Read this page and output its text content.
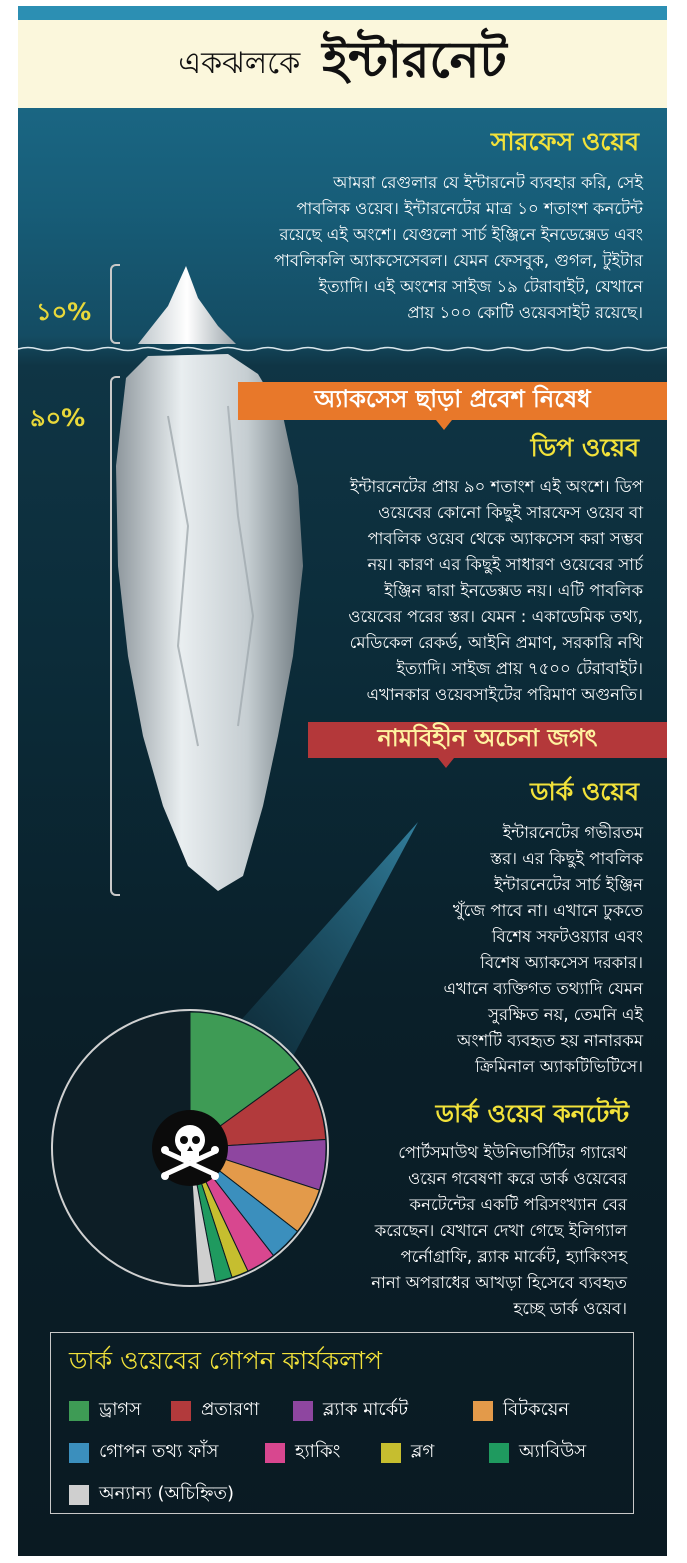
একঝলকে ইন্টারনেট
১০%
৯০%
সারফেস ওয়েব
আমরা রেগুলার যে ইন্টারনেট ব্যবহার করি, সেই
পাবলিক ওয়েব। ইন্টারনেটের মাত্র ১০ শতাংশ কনটেন্ট
রয়েছে এই অংশে। যেগুলো সার্চ ইঞ্জিনে ইনডেক্সেড এবং
পাবলিকলি অ্যাকসেসেবল। যেমন ফেসবুক, গুগল, টুইটার
ইত্যাদি। এই অংশের সাইজ ১৯ টেরাবাইট, যেখানে
প্রায় ১০০ কোটি ওয়েবসাইট রয়েছে।
অ্যাকসেস ছাড়া প্রবেশ নিষেধ
ডিপ ওয়েব
ইন্টারনেটের প্রায় ৯০ শতাংশ এই অংশে। ডিপ
ওয়েবের কোনো কিছুই সারফেস ওয়েব বা
পাবলিক ওয়েব থেকে অ্যাকসেস করা সম্ভব
নয়। কারণ এর কিছুই সাধারণ ওয়েবের সার্চ
ইঞ্জিন দ্বারা ইনডেক্সড নয়। এটি পাবলিক
ওয়েবের পরের স্তর। যেমন : একাডেমিক তথ্য,
মেডিকেল রেকর্ড, আইনি প্রমাণ, সরকারি নথি
ইত্যাদি। সাইজ প্রায় ৭৫০০ টেরাবাইট।
এখানকার ওয়েবসাইটের পরিমাণ অগুনতি।
নামবিহীন অচেনা জগৎ
ডার্ক ওয়েব
ইন্টারনেটের গভীরতম
স্তর। এর কিছুই পাবলিক
ইন্টারনেটের সার্চ ইঞ্জিন
খুঁজে পাবে না। এখানে ঢুকতে
বিশেষ সফটওয়্যার এবং
বিশেষ অ্যাকসেস দরকার।
এখানে ব্যক্তিগত তথ্যাদি যেমন
সুরক্ষিত নয়, তেমনি এই
অংশটি ব্যবহৃত হয় নানারকম
ক্রিমিনাল অ্যাকটিভিটিসে।
ডার্ক ওয়েব কনটেন্ট
পোর্টসমাউথ ইউনিভার্সিটির গ্যারেথ
ওয়েন গবেষণা করে ডার্ক ওয়েবের
কনটেন্টের একটি পরিসংখ্যান বের
করেছেন। যেখানে দেখা গেছে ইলিগ্যাল
পর্নোগ্রাফি, ব্ল্যাক মার্কেট, হ্যাকিংসহ
নানা অপরাধের আখড়া হিসেবে ব্যবহৃত
হচ্ছে ডার্ক ওয়েব।
ডার্ক ওয়েবের গোপন কার্যকলাপ
ড্রাগস	প্রতারণা	ব্ল্যাক মার্কেট	বিটকয়েন
গোপন তথ্য ফাঁস	হ্যাকিং	ব্লগ	অ্যাবিউস
অন্যান্য (অচিহ্নিত)
